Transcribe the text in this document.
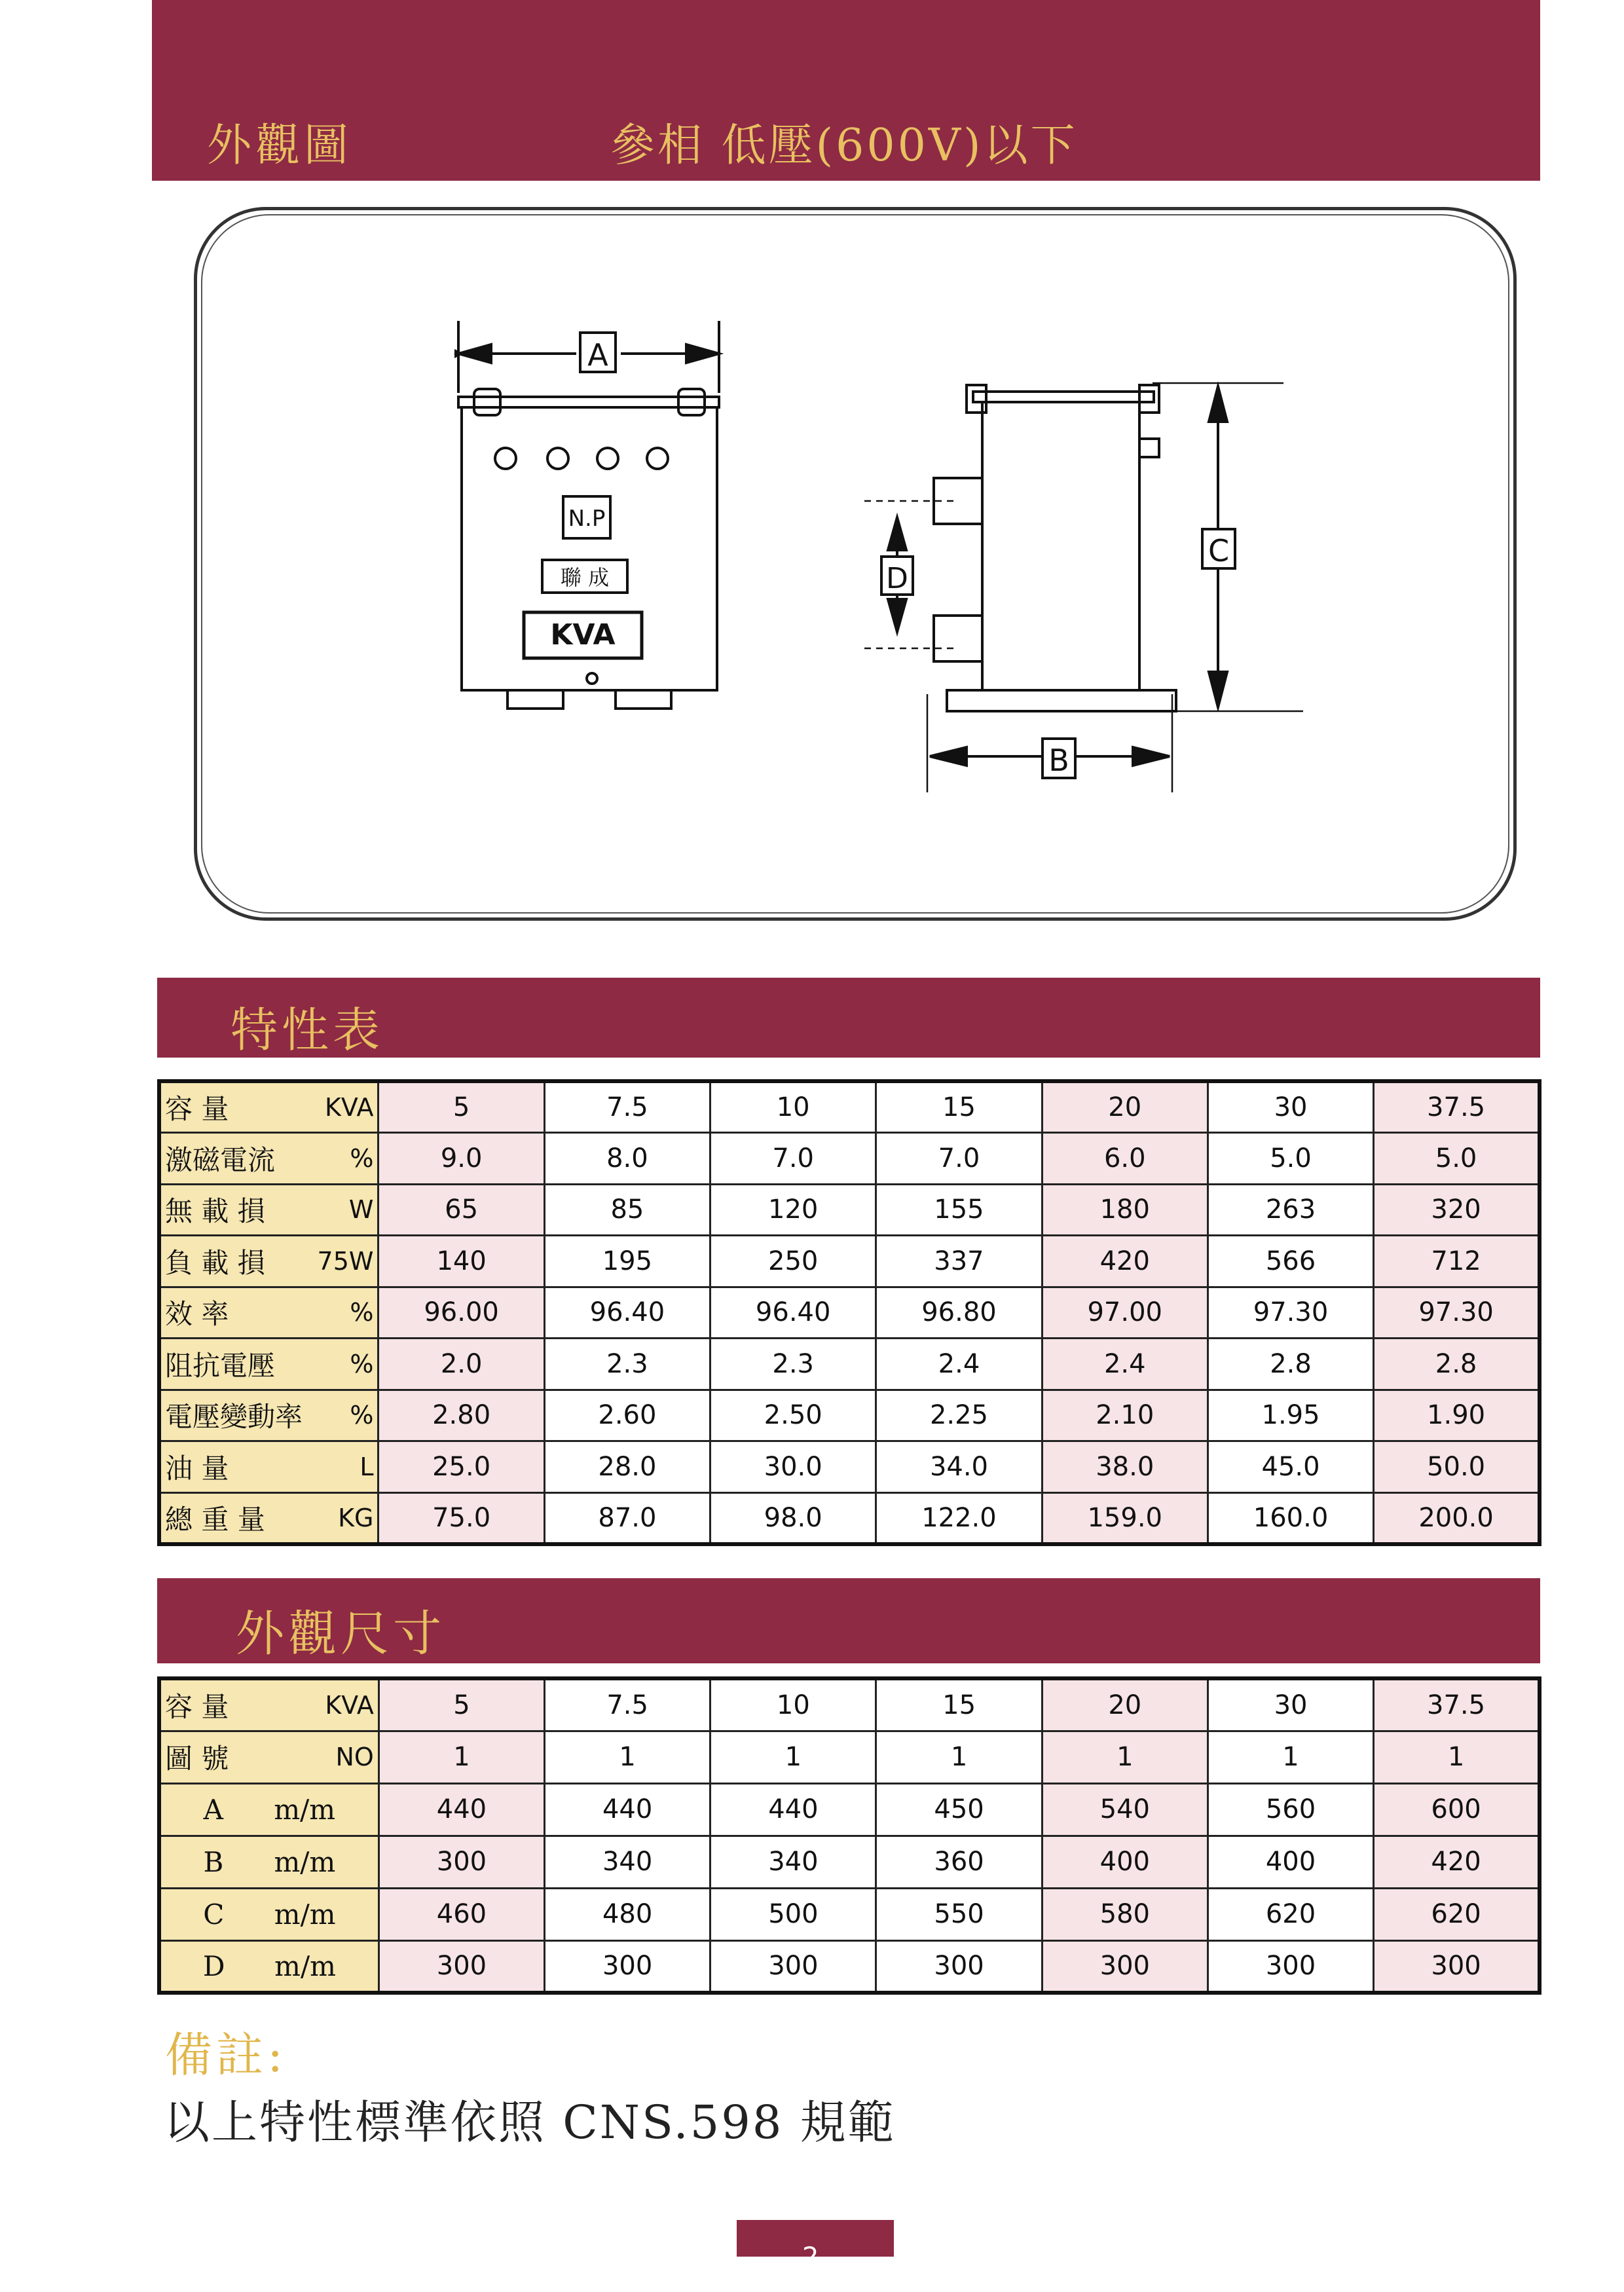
外觀圖	參相 低壓(600V)以下
A
C
D
B
N.P
聯 成
KVA
特性表
容 量 KVA	5	7.5	10	15	20	30	37.5

激磁電流 %	9.0	8.0	7.0	7.0	6.0	5.0	5.0

無 載 損 W	65	85	120	155	180	263	320

負 載 損 75W	140	195	250	337	420	566	712

效 率 %	96.00	96.40	96.40	96.80	97.00	97.30	97.30

阻抗電壓 %	2.0	2.3	2.3	2.4	2.4	2.8	2.8

電壓變動率 %	2.80	2.60	2.50	2.25	2.10	1.95	1.90

油 量 L	25.0	28.0	30.0	34.0	38.0	45.0	50.0

總 重 量 KG	75.0	87.0	98.0	122.0	159.0	160.0	200.0
外觀尺寸
容 量 KVA	5	7.5	10	15	20	30	37.5

圖 號 NO	1	1	1	1	1	1	1

A m/m	440	440	440	450	540	560	600

B m/m	300	340	340	360	400	400	420

C m/m	460	480	500	550	580	620	620

D m/m	300	300	300	300	300	300	300
備註:
以上特性標準依照 CNS.598 規範
2
